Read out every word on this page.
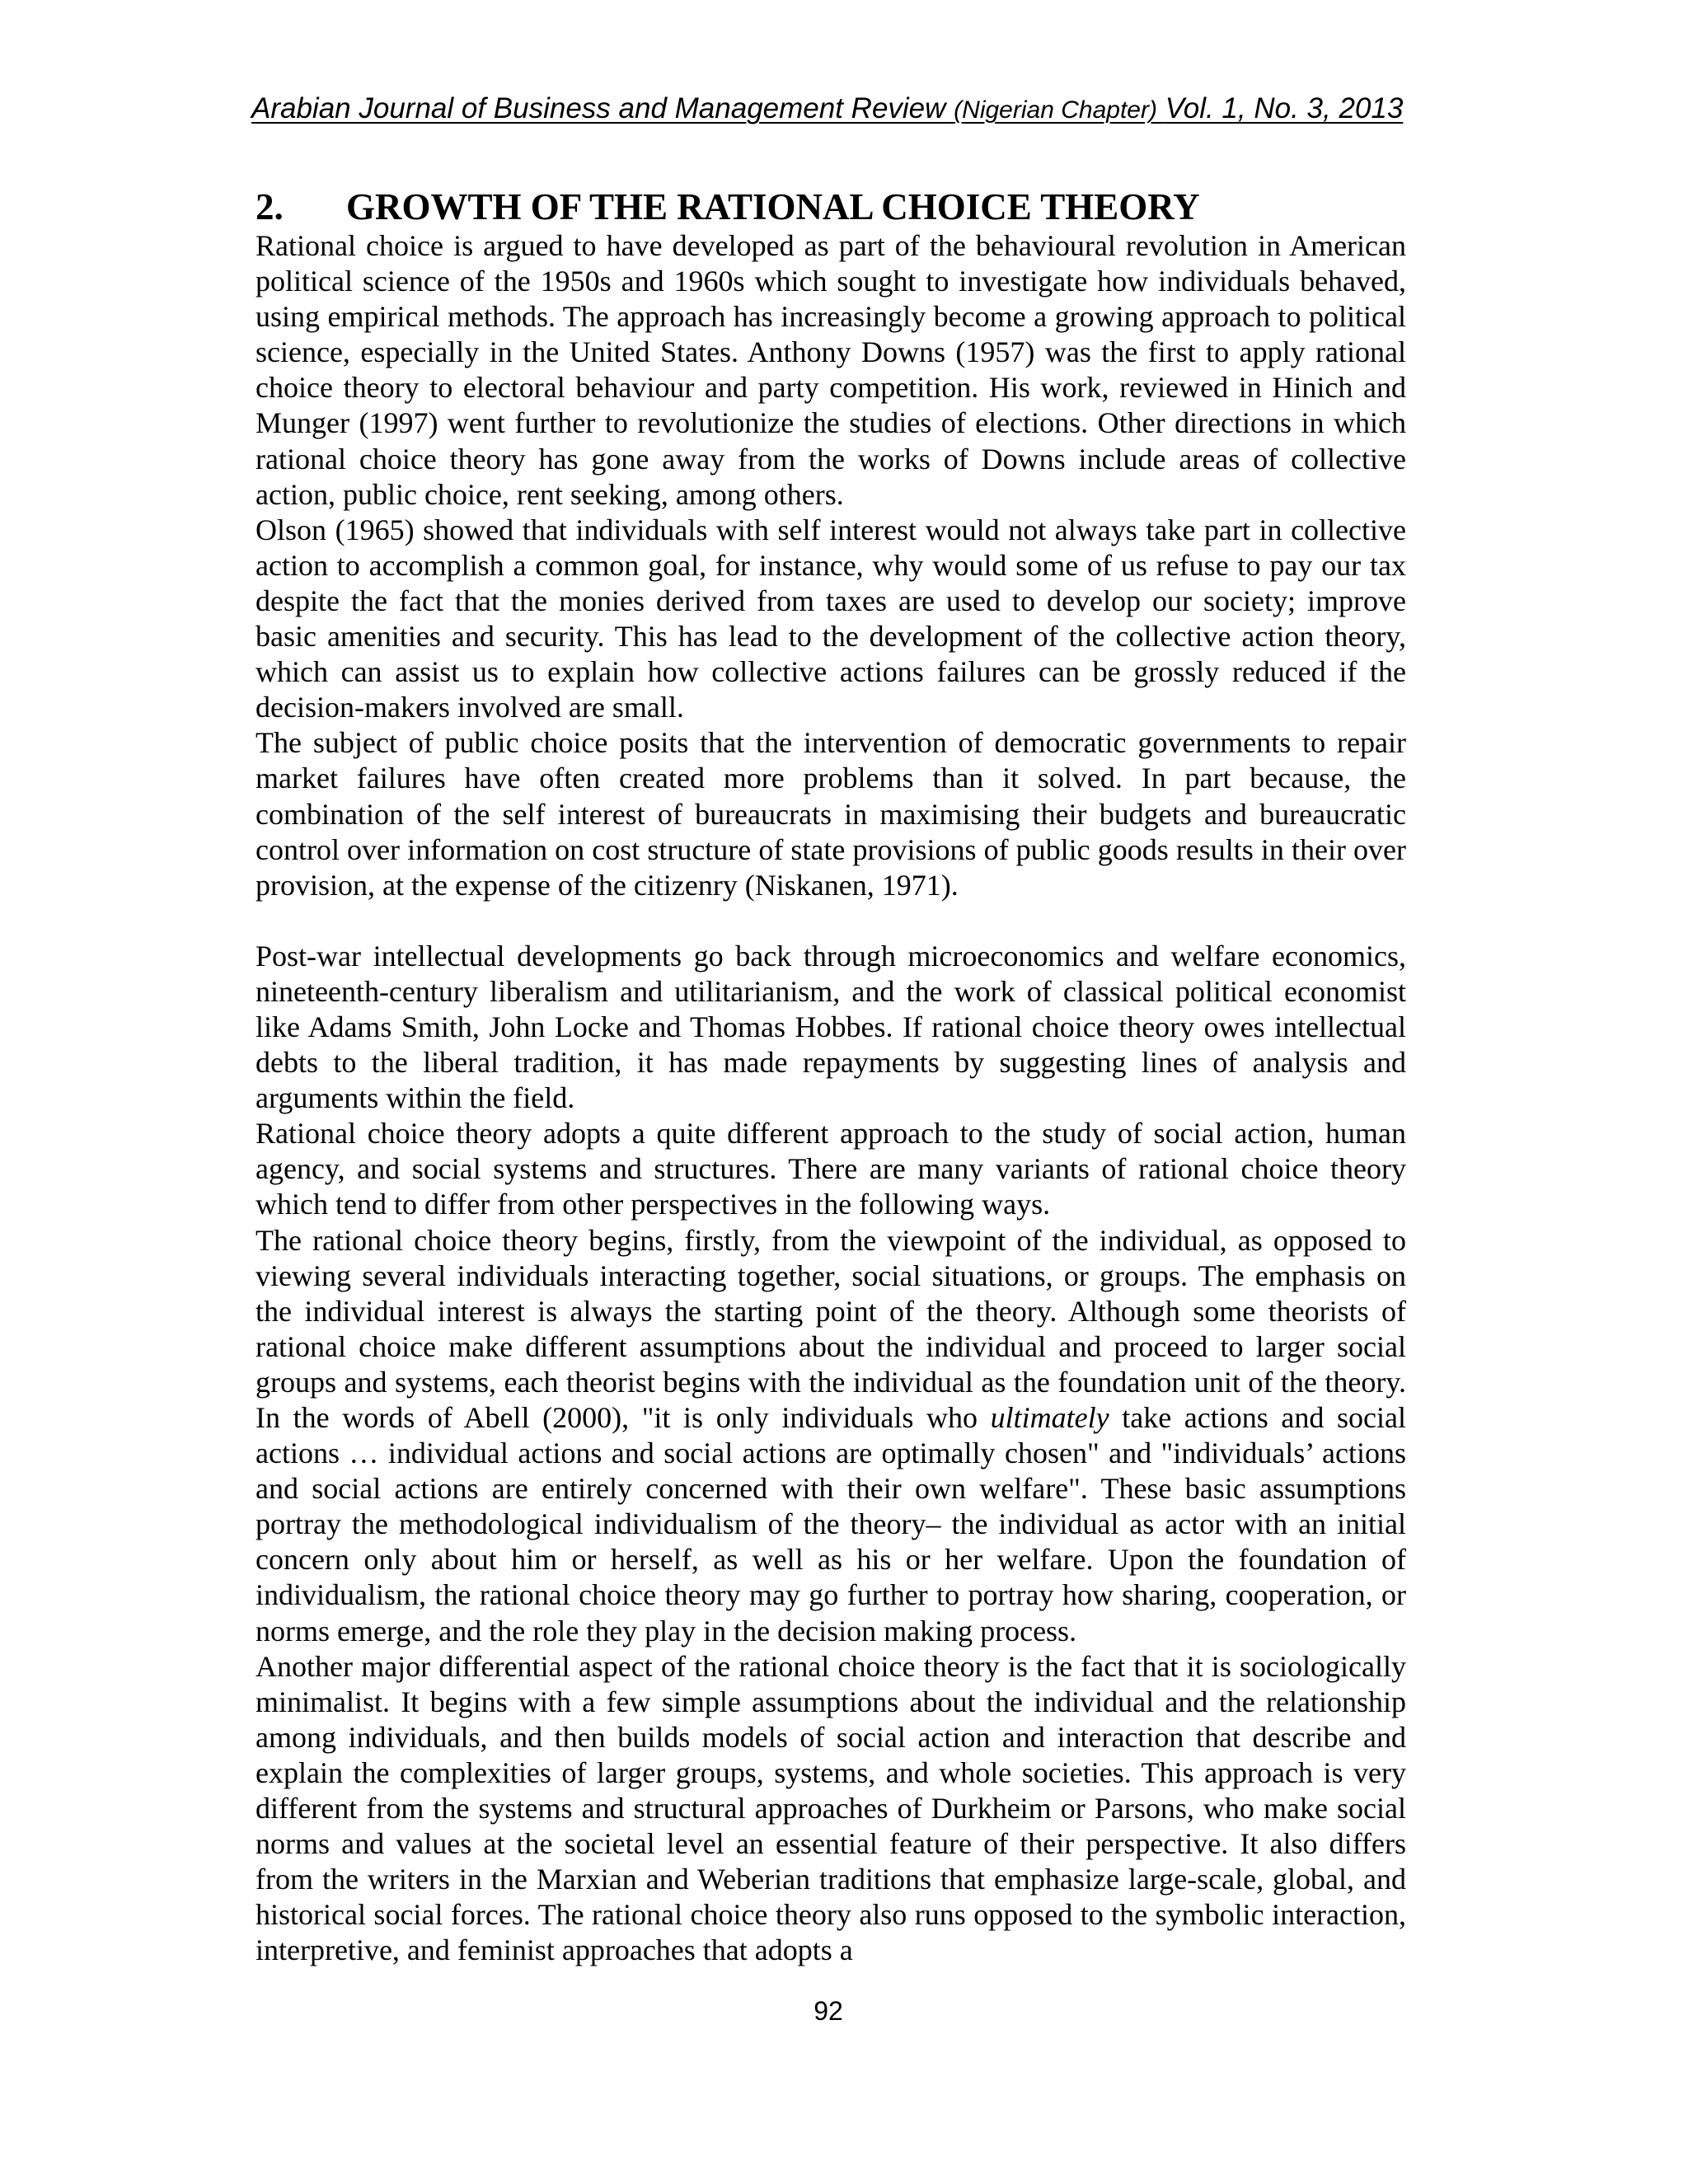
Arabian Journal of Business and Management Review (Nigerian Chapter) Vol. 1, No. 3, 2013
2. GROWTH OF THE RATIONAL CHOICE THEORY

Rational choice is argued to have developed as part of the behavioural revolution in American political science of the 1950s and 1960s which sought to investigate how individuals behaved, using empirical methods. The approach has increasingly become a growing approach to political science, especially in the United States. Anthony Downs (1957) was the first to apply rational choice theory to electoral behaviour and party competition. His work, reviewed in Hinich and Munger (1997) went further to revolutionize the studies of elections. Other directions in which rational choice theory has gone away from the works of Downs include areas of collective action, public choice, rent seeking, among others.

Olson (1965) showed that individuals with self interest would not always take part in collective action to accomplish a common goal, for instance, why would some of us refuse to pay our tax despite the fact that the monies derived from taxes are used to develop our society; improve basic amenities and security. This has lead to the development of the collective action theory, which can assist us to explain how collective actions failures can be grossly reduced if the decision-makers involved are small.

The subject of public choice posits that the intervention of democratic governments to repair market failures have often created more problems than it solved. In part because, the combination of the self interest of bureaucrats in maximising their budgets and bureaucratic control over information on cost structure of state provisions of public goods results in their over provision, at the expense of the citizenry (Niskanen, 1971).

Post-war intellectual developments go back through microeconomics and welfare economics, nineteenth-century liberalism and utilitarianism, and the work of classical political economist like Adams Smith, John Locke and Thomas Hobbes. If rational choice theory owes intellectual debts to the liberal tradition, it has made repayments by suggesting lines of analysis and arguments within the field.

Rational choice theory adopts a quite different approach to the study of social action, human agency, and social systems and structures. There are many variants of rational choice theory which tend to differ from other perspectives in the following ways.

The rational choice theory begins, firstly, from the viewpoint of the individual, as opposed to viewing several individuals interacting together, social situations, or groups. The emphasis on the individual interest is always the starting point of the theory. Although some theorists of rational choice make different assumptions about the individual and proceed to larger social groups and systems, each theorist begins with the individual as the foundation unit of the theory. In the words of Abell (2000), "it is only individuals who ultimately take actions and social actions … individual actions and social actions are optimally chosen" and "individuals’ actions and social actions are entirely concerned with their own welfare". These basic assumptions portray the methodological individualism of the theory– the individual as actor with an initial concern only about him or herself, as well as his or her welfare. Upon the foundation of individualism, the rational choice theory may go further to portray how sharing, cooperation, or norms emerge, and the role they play in the decision making process.

Another major differential aspect of the rational choice theory is the fact that it is sociologically minimalist. It begins with a few simple assumptions about the individual and the relationship among individuals, and then builds models of social action and interaction that describe and explain the complexities of larger groups, systems, and whole societies. This approach is very different from the systems and structural approaches of Durkheim or Parsons, who make social norms and values at the societal level an essential feature of their perspective. It also differs from the writers in the Marxian and Weberian traditions that emphasize large-scale, global, and historical social forces. The rational choice theory also runs opposed to the symbolic interaction, interpretive, and feminist approaches that adopts a

92
